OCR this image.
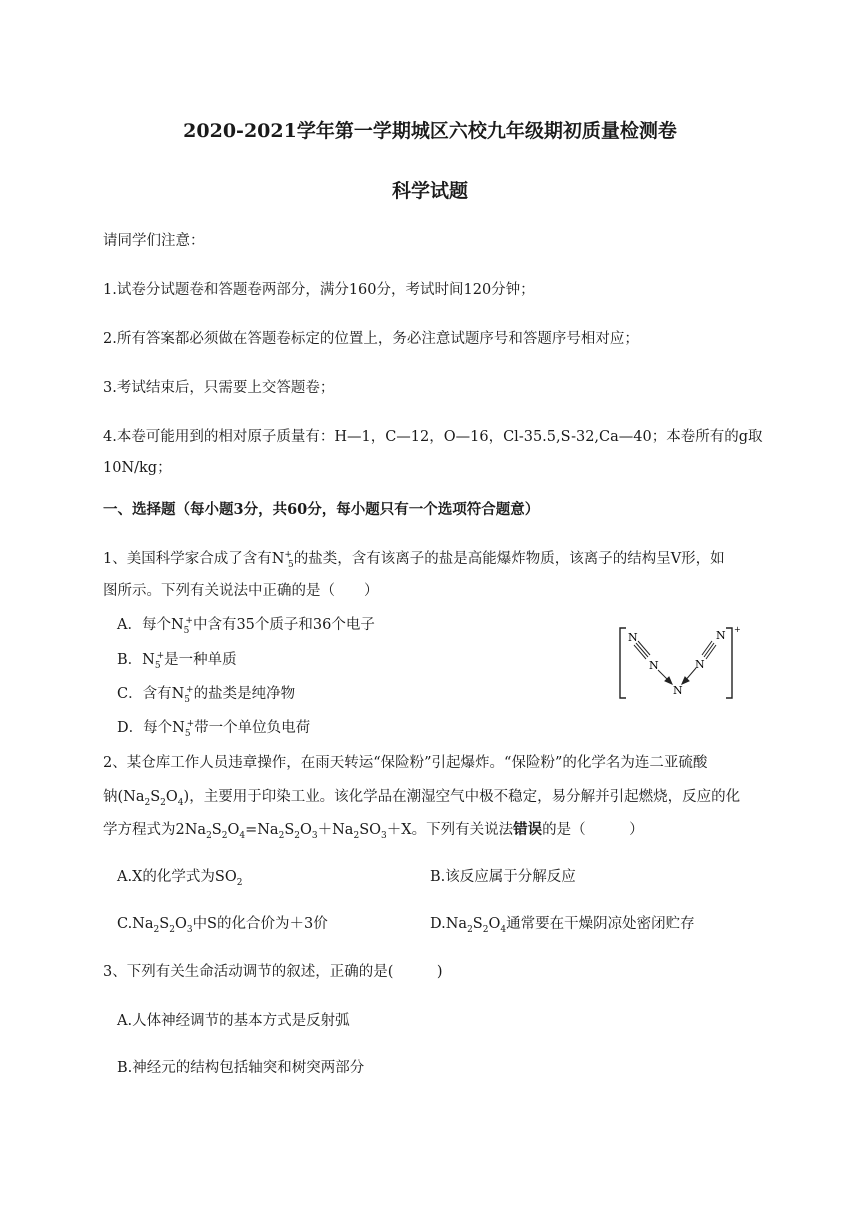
2020-2021学年第一学期城区六校九年级期初质量检测卷
科学试题
请同学们注意：
1.试卷分试题卷和答题卷两部分，满分160分，考试时间120分钟；
2.所有答案都必须做在答题卷标定的位置上，务必注意试题序号和答题序号相对应；
3.考试结束后，只需要上交答题卷；
4.本卷可能用到的相对原子质量有：H—1，C—12，O—16，Cl-35.5,S-32,Ca—40；本卷所有的g取
10N/kg；
一、选择题（每小题3分，共60分，每小题只有一个选项符合题意）
1、美国科学家合成了含有$N^+_5$的盐类，含有该离子的盐是高能爆炸物质，该离子的结构呈V形，如
图所示。下列有关说法中正确的是（　　）
A．每个$N_5^+$中含有35个质子和36个电子
B．$N_5^+$是一种单质
C．含有$N_5^+$的盐类是纯净物
D．每个$N_5^+$带一个单位负电荷
N
N
N
N
N +
2、某仓库工作人员违章操作，在雨天转运“保险粉”引起爆炸。“保险粉”的化学名为连二亚硫酸
钠$(Na_2S_2O_4)$，主要用于印染工业。该化学品在潮湿空气中极不稳定，易分解并引起燃烧，反应的化
学方程式为$2Na_2S_2O_4=Na_2S_2O_3+Na_2SO_3+X$。下列有关说法错误的是（　　　）
A.X的化学式为$SO_2$	B.该反应属于分解反应
$C.Na_2S_2O_3$中S的化合价为＋3价	$D.Na_2S_2O_4$通常要在干燥阴凉处密闭贮存
3、下列有关生命活动调节的叙述，正确的是(　　　)
A.人体神经调节的基本方式是反射弧
B.神经元的结构包括轴突和树突两部分
